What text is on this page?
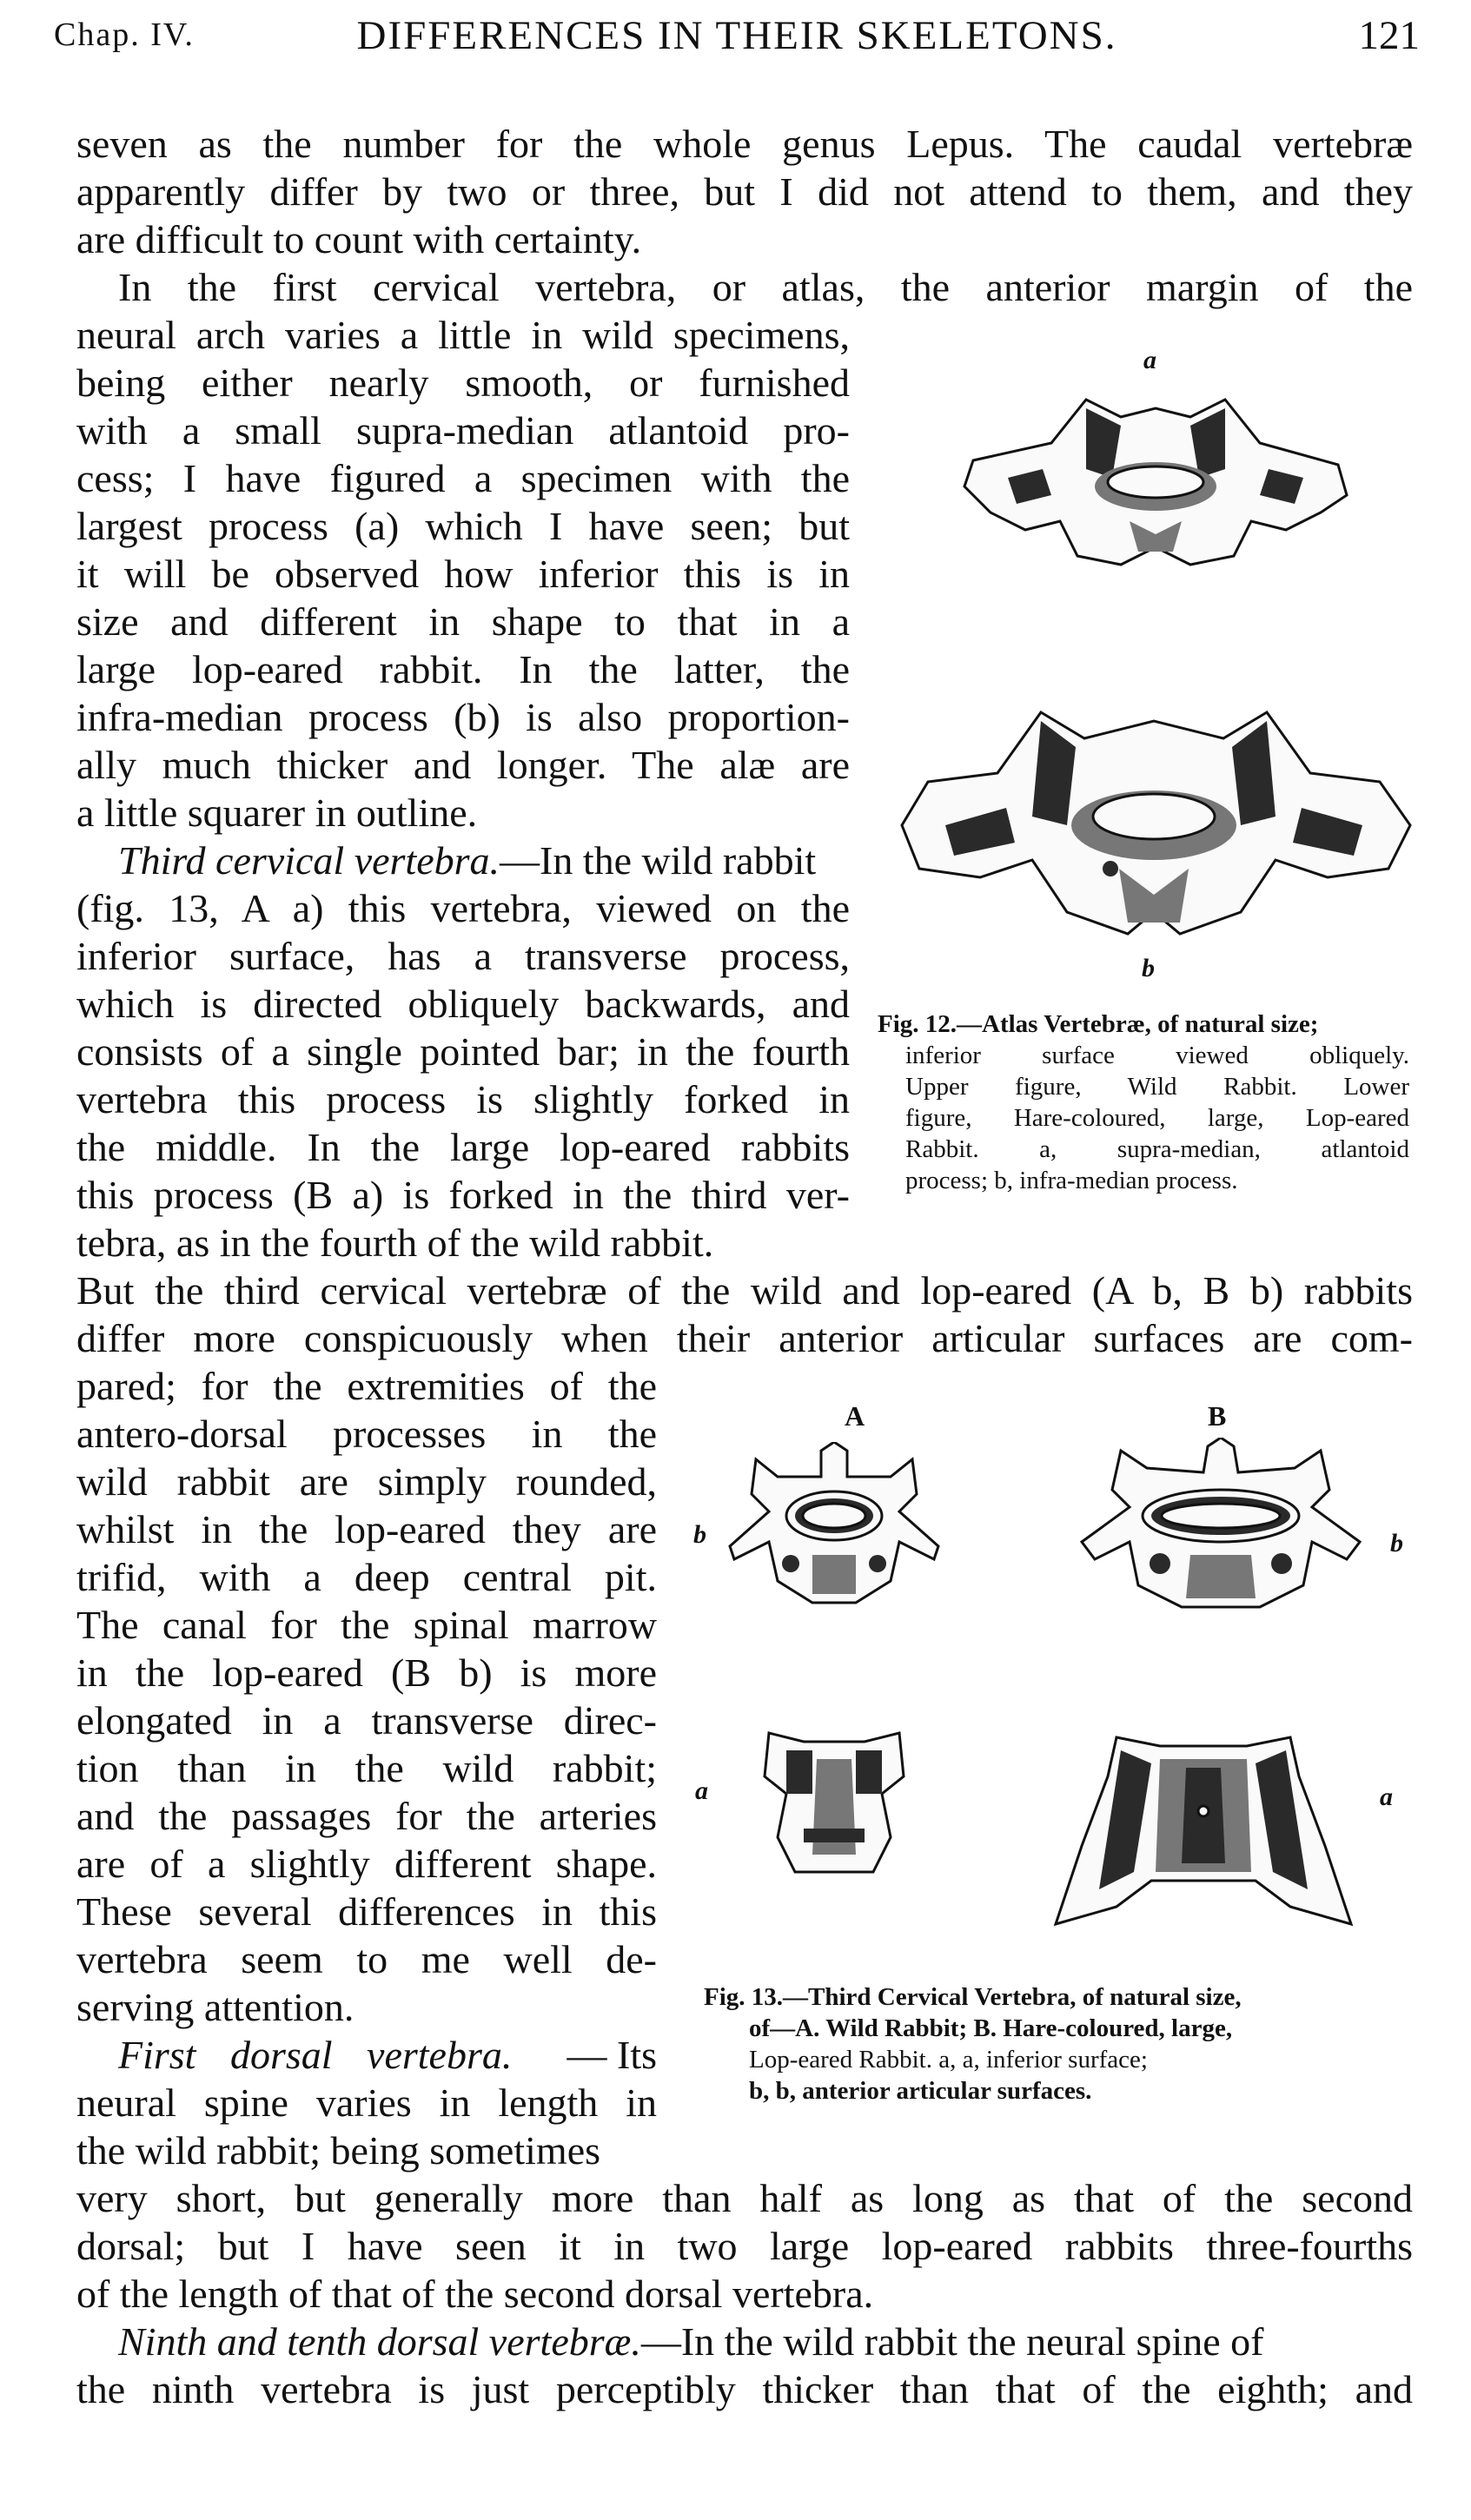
Chap. IV.	DIFFERENCES IN THEIR SKELETONS.	121
seven as the number for the whole genus Lepus. The caudal vertebræ
apparently differ by two or three, but I did not attend to them, and they
are difficult to count with certainty.
In the first cervical vertebra, or atlas, the anterior margin of the
neural arch varies a little in wild specimens,
being either nearly smooth, or furnished
with a small supra-median atlantoid pro-
cess; I have figured a specimen with the
largest process (a) which I have seen; but
it will be observed how inferior this is in
size and different in shape to that in a
large lop-eared rabbit. In the latter, the
infra-median process (b) is also proportion-
ally much thicker and longer. The alæ are
a little squarer in outline.
Third cervical vertebra.—In the wild rabbit
(fig. 13, A a) this vertebra, viewed on the
inferior surface, has a transverse process,
which is directed obliquely backwards, and
consists of a single pointed bar; in the fourth
vertebra this process is slightly forked in
the middle. In the large lop-eared rabbits
this process (B a) is forked in the third ver-
tebra, as in the fourth of the wild rabbit.
But the third cervical vertebræ of the wild and lop-eared (A b, B b) rabbits
differ more conspicuously when their anterior articular surfaces are com-
pared; for the extremities of the
antero-dorsal processes in the
wild rabbit are simply rounded,
whilst in the lop-eared they are
trifid, with a deep central pit.
The canal for the spinal marrow
in the lop-eared (B b) is more
elongated in a transverse direc-
tion than in the wild rabbit;
and the passages for the arteries
are of a slightly different shape.
These several differences in this
vertebra seem to me well de-
serving attention.
First dorsal vertebra. — Its
neural spine varies in length in
the wild rabbit; being sometimes
very short, but generally more than half as long as that of the second
dorsal; but I have seen it in two large lop-eared rabbits three-fourths
of the length of that of the second dorsal vertebra.
Ninth and tenth dorsal vertebræ.—In the wild rabbit the neural spine of
the ninth vertebra is just perceptibly thicker than that of the eighth; and
a
b
Fig. 12.—Atlas Vertebræ, of natural size;
inferior surface viewed obliquely.
Upper figure, Wild Rabbit. Lower
figure, Hare-coloured, large, Lop-eared
Rabbit. a, supra-median, atlantoid
process; b, infra-median process.
A	B
b	b
a	a
Fig. 13.—Third Cervical Vertebra, of natural size,
of—A. Wild Rabbit; B. Hare-coloured, large,
Lop-eared Rabbit. a, a, inferior surface;
b, b, anterior articular surfaces.
